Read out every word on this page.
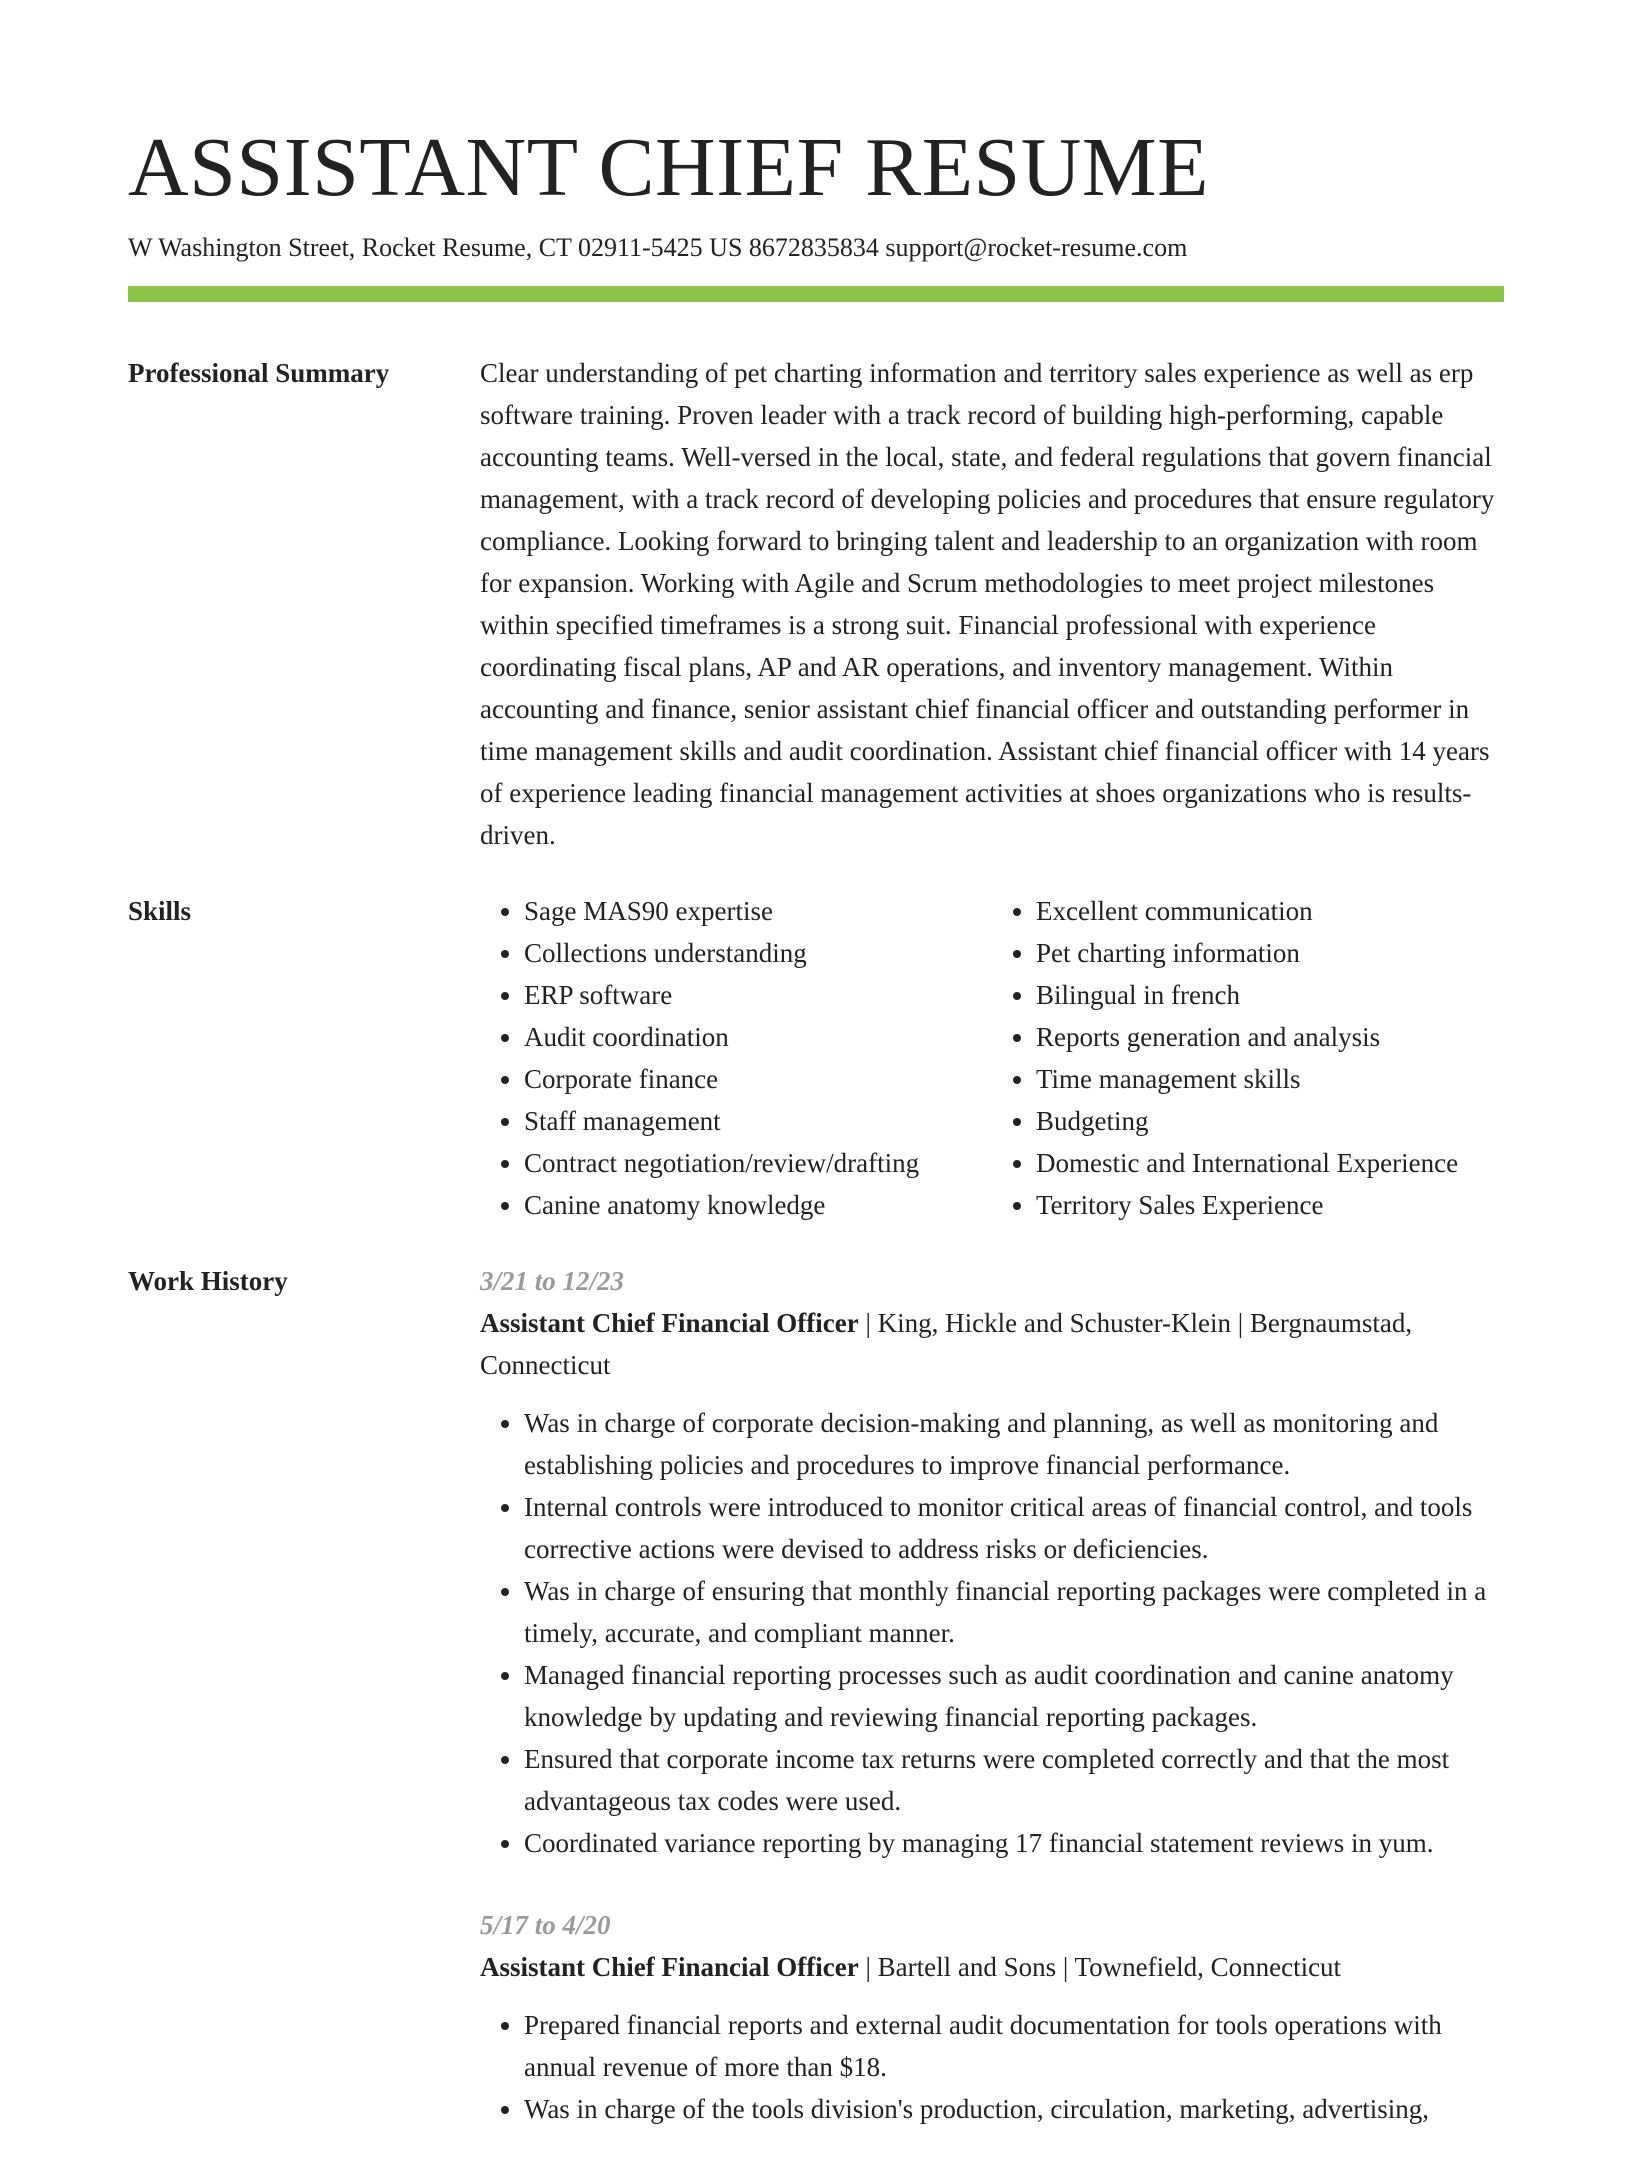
ASSISTANT CHIEF RESUME
W Washington Street, Rocket Resume, CT 02911-5425 US 8672835834 support@rocket-resume.com
Professional Summary	Clear understanding of pet charting information and territory sales experience as well as erp software training. Proven leader with a track record of building high-performing, capable accounting teams. Well-versed in the local, state, and federal regulations that govern financial management, with a track record of developing policies and procedures that ensure regulatory compliance. Looking forward to bringing talent and leadership to an organization with room for expansion. Working with Agile and Scrum methodologies to meet project milestones within specified timeframes is a strong suit. Financial professional with experience coordinating fiscal plans, AP and AR operations, and inventory management. Within accounting and finance, senior assistant chief financial officer and outstanding performer in time management skills and audit coordination. Assistant chief financial officer with 14 years of experience leading financial management activities at shoes organizations who is results-driven.

Skills
•	Sage MAS90 expertise
• Collections understanding
• ERP software
• Audit coordination
• Corporate finance
• Staff management
• Contract negotiation/review/drafting
• Canine anatomy knowledge
• Excellent communication
• Pet charting information
• Bilingual in french
• Reports generation and analysis
• Time management skills
• Budgeting
• Domestic and International Experience
• Territory Sales Experience
Work History	3/21 to 12/23
Assistant Chief Financial Officer | King, Hickle and Schuster-Klein | Bergnaumstad, Connecticut
• Was in charge of corporate decision-making and planning, as well as monitoring and establishing policies and procedures to improve financial performance.
• Internal controls were introduced to monitor critical areas of financial control, and tools corrective actions were devised to address risks or deficiencies.
• Was in charge of ensuring that monthly financial reporting packages were completed in a timely, accurate, and compliant manner.
• Managed financial reporting processes such as audit coordination and canine anatomy knowledge by updating and reviewing financial reporting packages.
• Ensured that corporate income tax returns were completed correctly and that the most advantageous tax codes were used.
• Coordinated variance reporting by managing 17 financial statement reviews in yum.
5/17 to 4/20
Assistant Chief Financial Officer | Bartell and Sons | Townefield, Connecticut
• Prepared financial reports and external audit documentation for tools operations with annual revenue of more than $18.
• Was in charge of the tools division's production, circulation, marketing, advertising,
